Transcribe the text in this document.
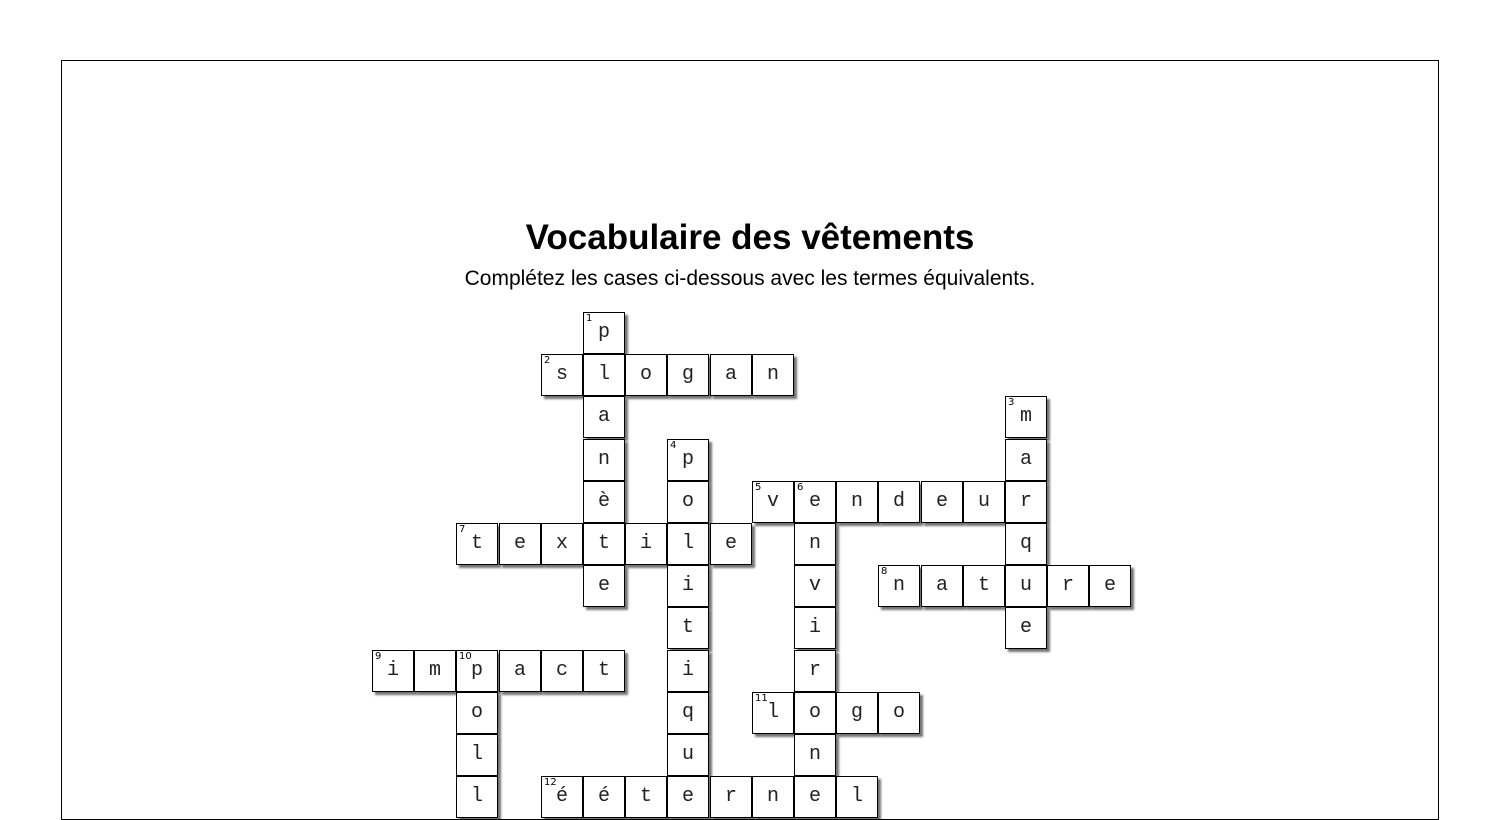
Vocabulaire des vêtements

Complétez les cases ci-dessous avec les termes équivalents.

1
p
2
s	l	o	g	a	n
a
3
m
n
4
p	a
è	o
5
v
6
e	n	d	e	u	r
7
t	e	x	t	i	l	e	n	q
e	i	v
8
n	a	t	u	r	e
t	i	e
9
i	m
10
p	a	c	t	i	r
o	q
11
l	o	g	o
l	u	n
l
12
é	é	t	e	r	n	e	l
